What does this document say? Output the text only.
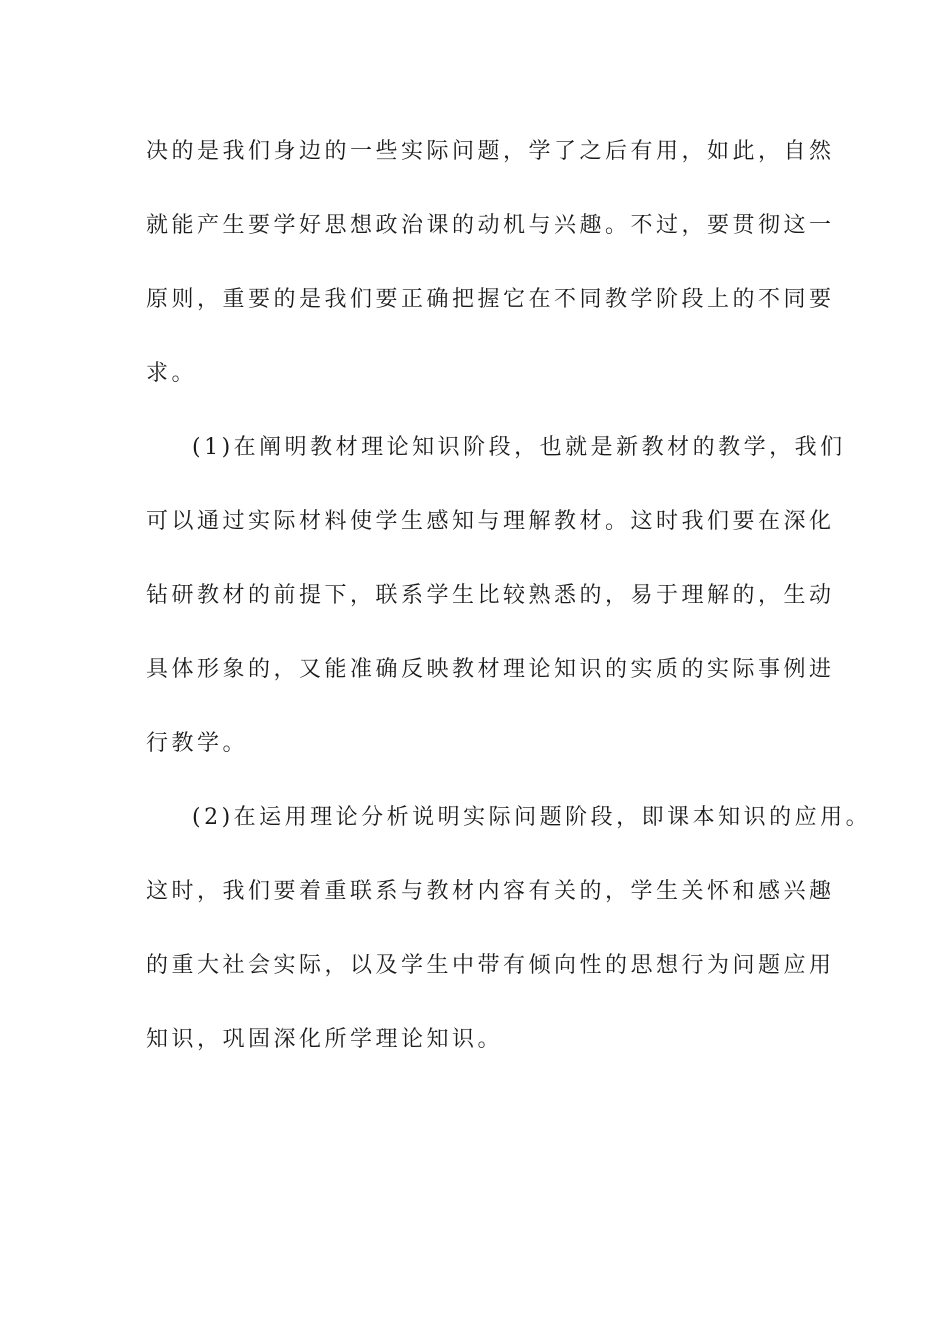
决的是我们身边的一些实际问题，学了之后有用，如此，自然
就能产生要学好思想政治课的动机与兴趣。不过，要贯彻这一
原则，重要的是我们要正确把握它在不同教学阶段上的不同要
求。
(1)在阐明教材理论知识阶段，也就是新教材的教学，我们
可以通过实际材料使学生感知与理解教材。这时我们要在深化
钻研教材的前提下，联系学生比较熟悉的，易于理解的，生动
具体形象的，又能准确反映教材理论知识的实质的实际事例进
行教学。
(2)在运用理论分析说明实际问题阶段，即课本知识的应用。
这时，我们要着重联系与教材内容有关的，学生关怀和感兴趣
的重大社会实际，以及学生中带有倾向性的思想行为问题应用
知识，巩固深化所学理论知识。
